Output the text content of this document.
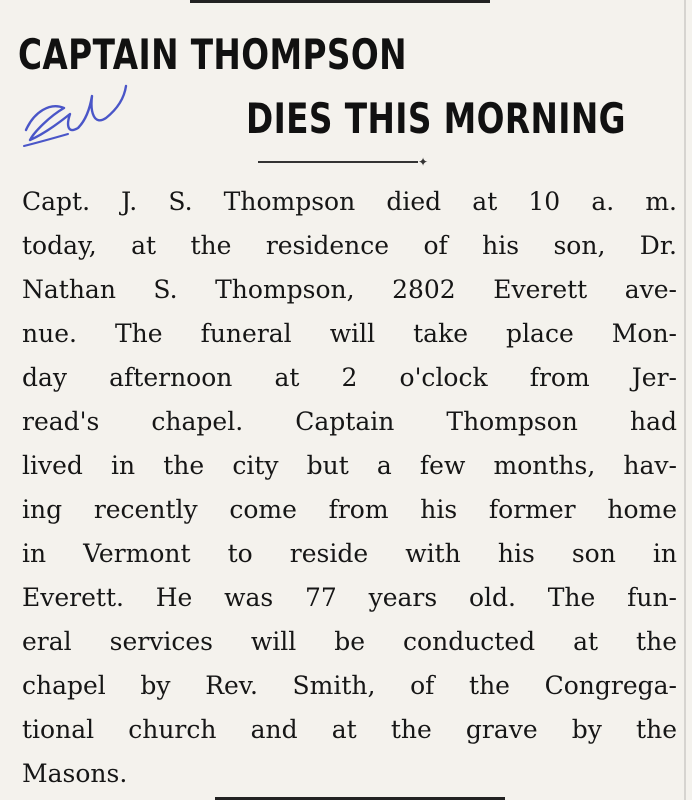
CAPTAIN THOMPSON
DIES THIS MORNING
✦
Capt. J. S. Thompson died at 10 a. m.
today, at the residence of his son, Dr.
Nathan S. Thompson, 2802 Everett ave-
nue. The funeral will take place Mon-
day afternoon at 2 o'clock from Jer-
read's chapel. Captain Thompson had
lived in the city but a few months, hav-
ing recently come from his former home
in Vermont to reside with his son in
Everett. He was 77 years old. The fun-
eral services will be conducted at the
chapel by Rev. Smith, of the Congrega-
tional church and at the grave by the
Masons.
